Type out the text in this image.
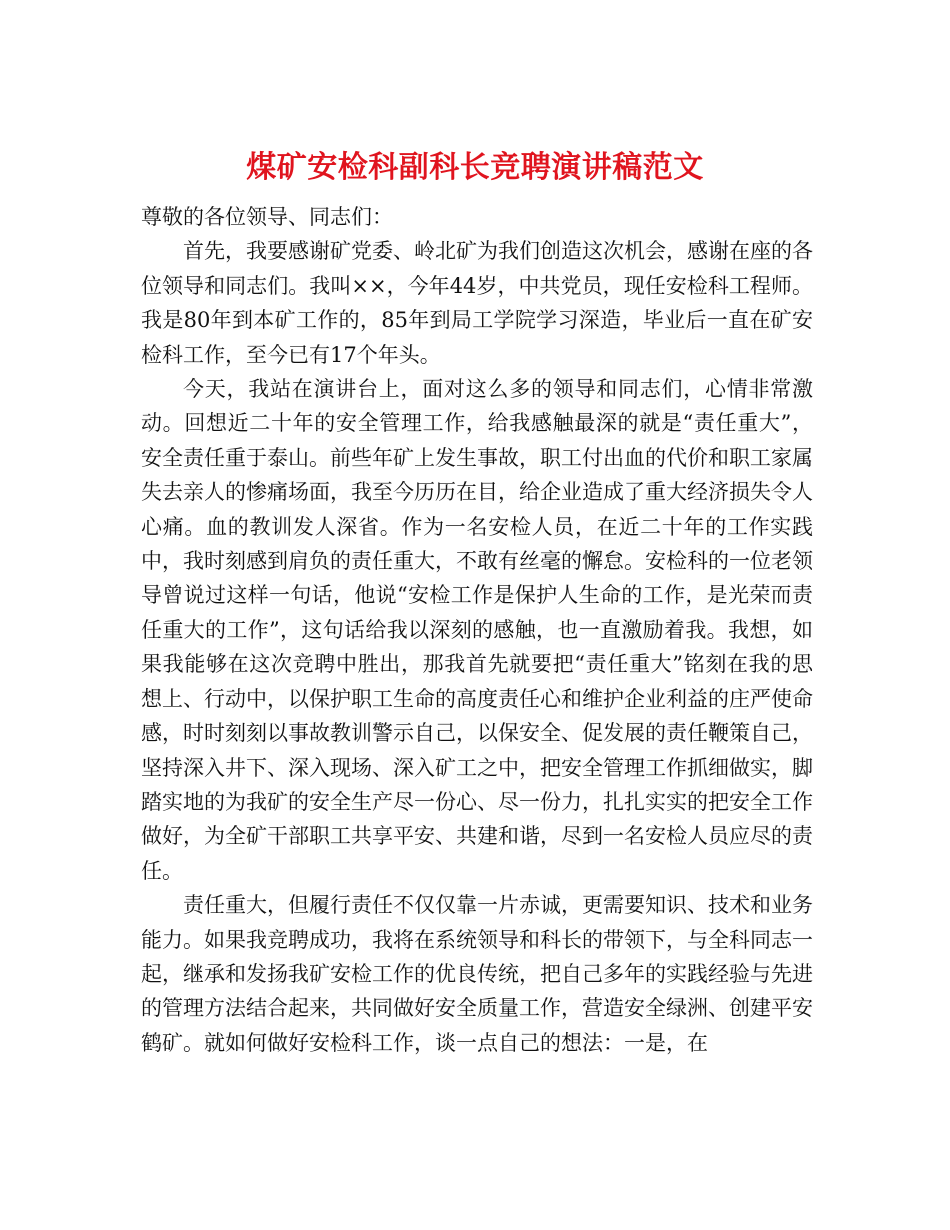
煤矿安检科副科长竞聘演讲稿范文

尊敬的各位领导、同志们：

首先，我要感谢矿党委、岭北矿为我们创造这次机会，感谢在座的各位领导和同志们。我叫××，今年44岁，中共党员，现任安检科工程师。我是80年到本矿工作的，85年到局工学院学习深造，毕业后一直在矿安检科工作，至今已有17个年头。

今天，我站在演讲台上，面对这么多的领导和同志们，心情非常激动。回想近二十年的安全管理工作，给我感触最深的就是“责任重大”，安全责任重于泰山。前些年矿上发生事故，职工付出血的代价和职工家属失去亲人的惨痛场面，我至今历历在目，给企业造成了重大经济损失令人心痛。血的教训发人深省。作为一名安检人员，在近二十年的工作实践中，我时刻感到肩负的责任重大，不敢有丝毫的懈怠。安检科的一位老领导曾说过这样一句话，他说“安检工作是保护人生命的工作，是光荣而责任重大的工作”，这句话给我以深刻的感触，也一直激励着我。我想，如果我能够在这次竞聘中胜出，那我首先就要把“责任重大”铭刻在我的思想上、行动中，以保护职工生命的高度责任心和维护企业利益的庄严使命感，时时刻刻以事故教训警示自己，以保安全、促发展的责任鞭策自己，坚持深入井下、深入现场、深入矿工之中，把安全管理工作抓细做实，脚踏实地的为我矿的安全生产尽一份心、尽一份力，扎扎实实的把安全工作做好，为全矿干部职工共享平安、共建和谐，尽到一名安检人员应尽的责任。

责任重大，但履行责任不仅仅靠一片赤诚，更需要知识、技术和业务能力。如果我竞聘成功，我将在系统领导和科长的带领下，与全科同志一起，继承和发扬我矿安检工作的优良传统，把自己多年的实践经验与先进的管理方法结合起来，共同做好安全质量工作，营造安全绿洲、创建平安鹤矿。就如何做好安检科工作，谈一点自己的想法：一是，在
